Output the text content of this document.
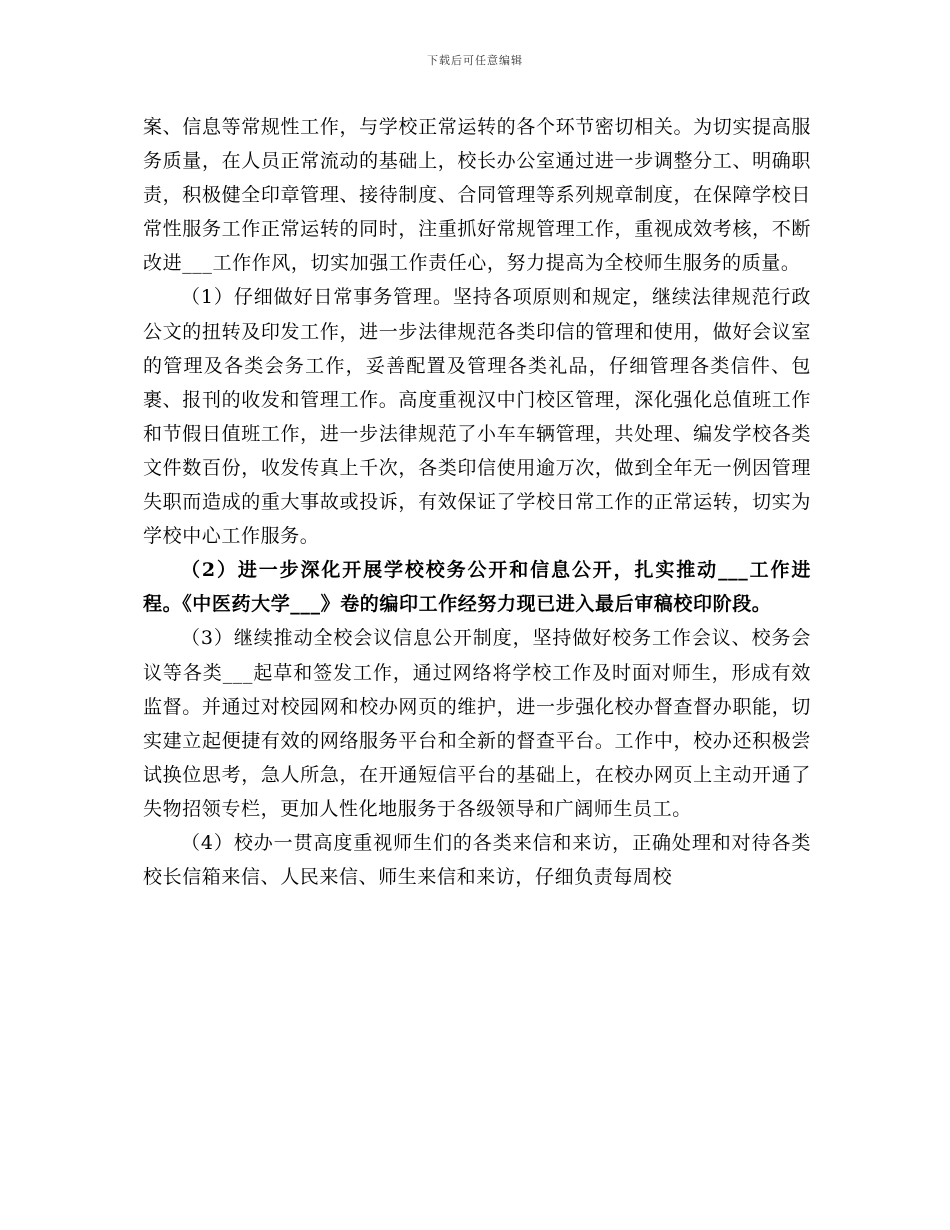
下载后可任意编辑

案、信息等常规性工作，与学校正常运转的各个环节密切相关。为切实提高服务质量，在人员正常流动的基础上，校长办公室通过进一步调整分工、明确职责，积极健全印章管理、接待制度、合同管理等系列规章制度，在保障学校日常性服务工作正常运转的同时，注重抓好常规管理工作，重视成效考核，不断改进___工作作风，切实加强工作责任心，努力提高为全校师生服务的质量。

（1）仔细做好日常事务管理。坚持各项原则和规定，继续法律规范行政公文的扭转及印发工作，进一步法律规范各类印信的管理和使用，做好会议室的管理及各类会务工作，妥善配置及管理各类礼品，仔细管理各类信件、包裹、报刊的收发和管理工作。高度重视汉中门校区管理，深化强化总值班工作和节假日值班工作，进一步法律规范了小车车辆管理，共处理、编发学校各类文件数百份，收发传真上千次，各类印信使用逾万次，做到全年无一例因管理失职而造成的重大事故或投诉，有效保证了学校日常工作的正常运转，切实为学校中心工作服务。

（2）进一步深化开展学校校务公开和信息公开，扎实推动___工作进程。《中医药大学___》卷的编印工作经努力现已进入最后审稿校印阶段。

（3）继续推动全校会议信息公开制度，坚持做好校务工作会议、校务会议等各类___起草和签发工作，通过网络将学校工作及时面对师生，形成有效监督。并通过对校园网和校办网页的维护，进一步强化校办督查督办职能，切实建立起便捷有效的网络服务平台和全新的督查平台。工作中，校办还积极尝试换位思考，急人所急，在开通短信平台的基础上，在校办网页上主动开通了失物招领专栏，更加人性化地服务于各级领导和广阔师生员工。

（4）校办一贯高度重视师生们的各类来信和来访，正确处理和对待各类校长信箱来信、人民来信、师生来信和来访，仔细负责每周校
